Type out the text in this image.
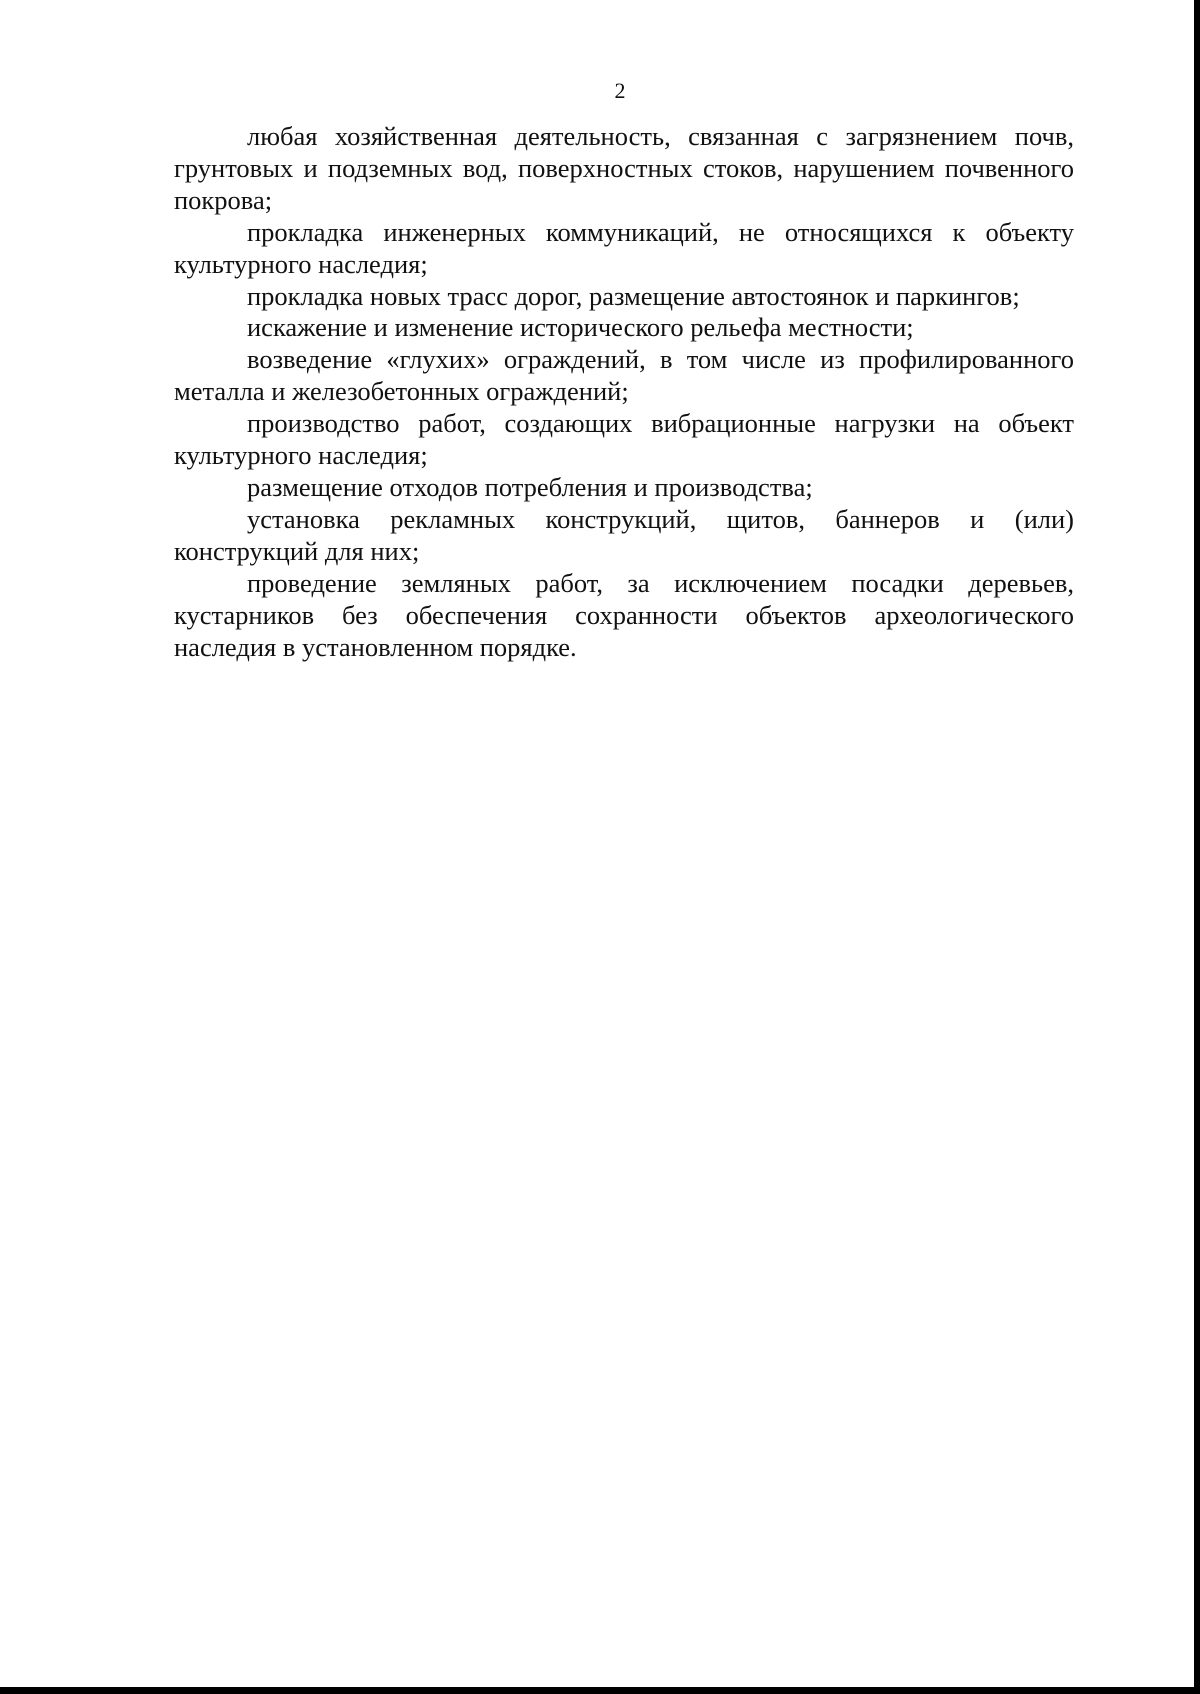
2

любая хозяйственная деятельность, связанная с загрязнением почв, грунтовых и подземных вод, поверхностных стоков, нарушением почвенного покрова;

прокладка инженерных коммуникаций, не относящихся к объекту культурного наследия;

прокладка новых трасс дорог, размещение автостоянок и паркингов;

искажение и изменение исторического рельефа местности;

возведение «глухих» ограждений, в том числе из профилированного металла и железобетонных ограждений;

производство работ, создающих вибрационные нагрузки на объект культурного наследия;

размещение отходов потребления и производства;

установка рекламных конструкций, щитов, баннеров и (или) конструкций для них;

проведение земляных работ, за исключением посадки деревьев, кустарников без обеспечения сохранности объектов археологического наследия в установленном порядке.
